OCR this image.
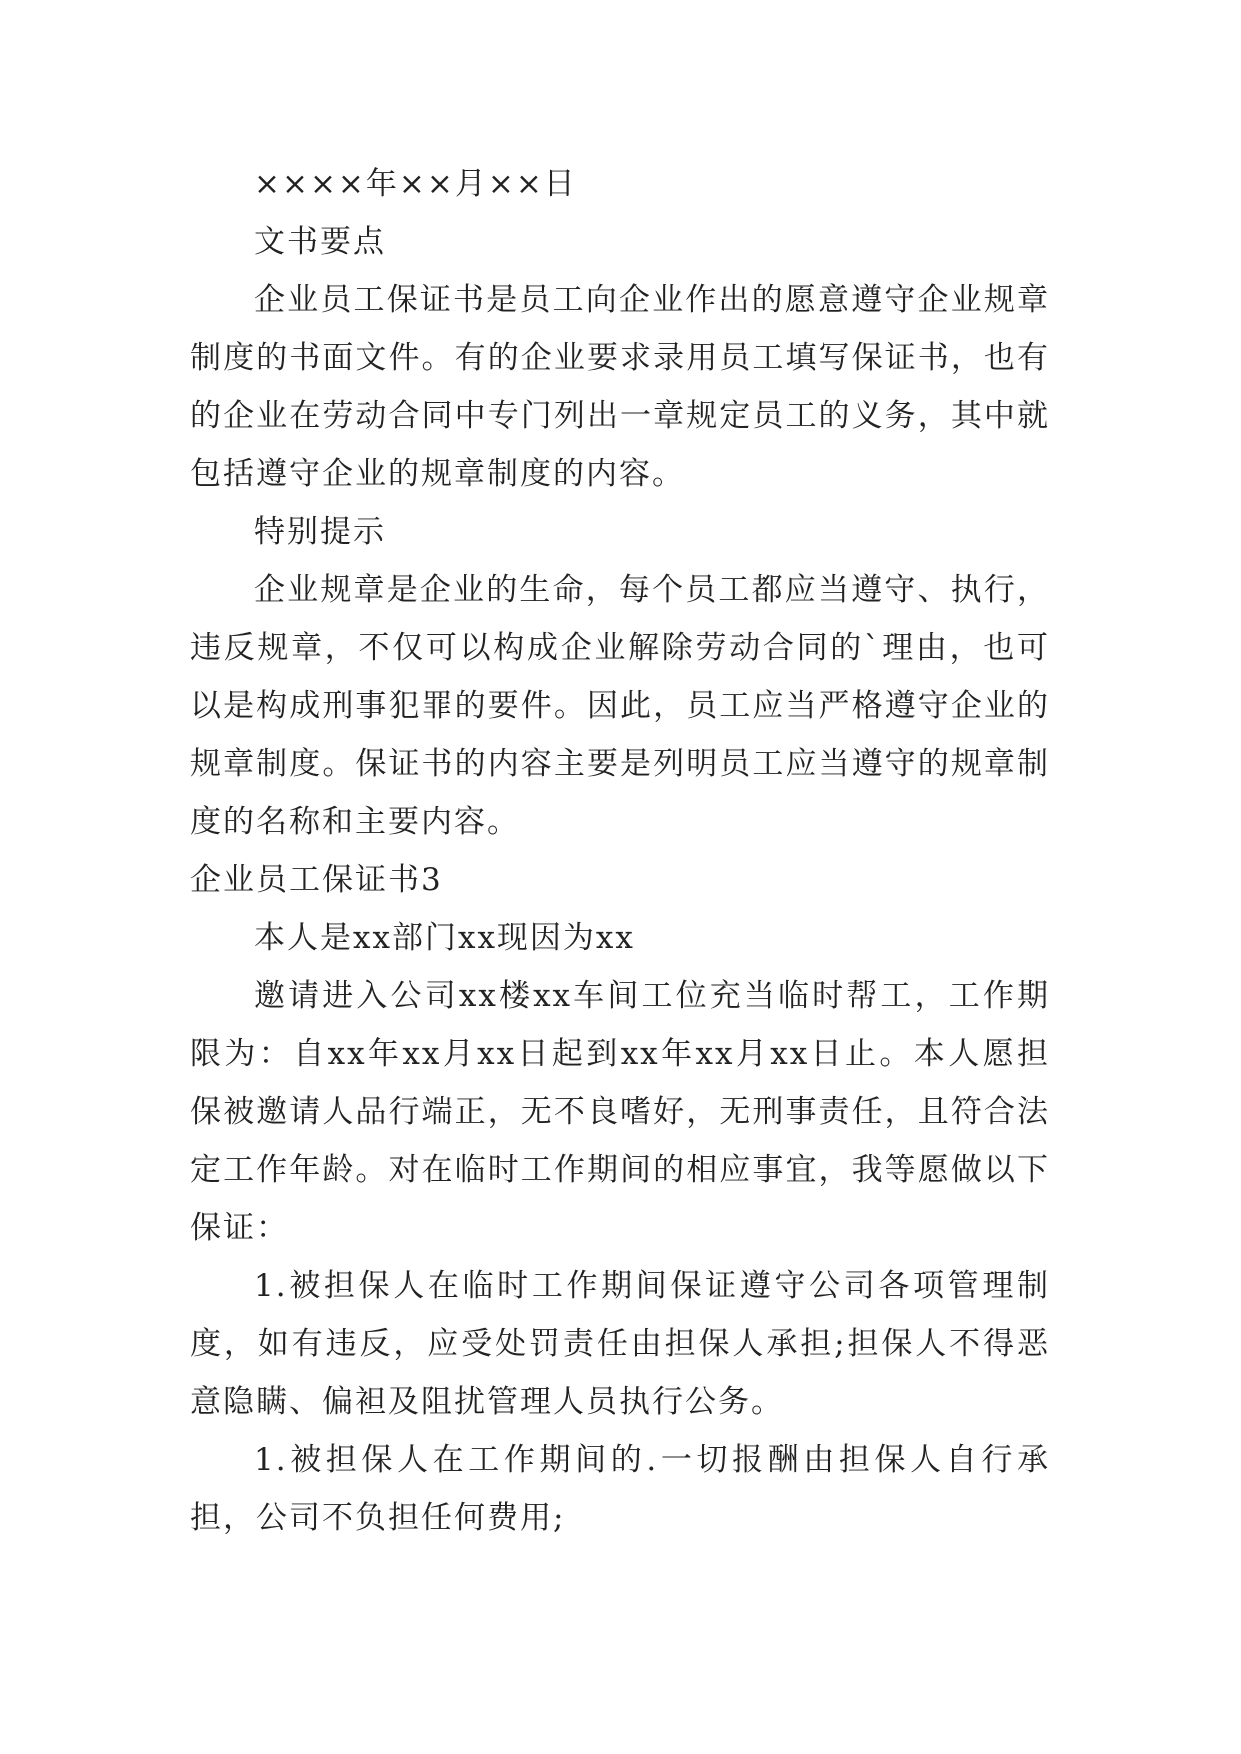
××××年××月××日

文书要点

企业员工保证书是员工向企业作出的愿意遵守企业规章制度的书面文件。有的企业要求录用员工填写保证书，也有的企业在劳动合同中专门列出一章规定员工的义务，其中就包括遵守企业的规章制度的内容。

特别提示

企业规章是企业的生命，每个员工都应当遵守、执行，违反规章，不仅可以构成企业解除劳动合同的`理由，也可以是构成刑事犯罪的要件。因此，员工应当严格遵守企业的规章制度。保证书的内容主要是列明员工应当遵守的规章制度的名称和主要内容。

企业员工保证书3

本人是xx部门xx现因为xx

邀请进入公司xx楼xx车间工位充当临时帮工，工作期限为：自xx年xx月xx日起到xx年xx月xx日止。本人愿担保被邀请人品行端正，无不良嗜好，无刑事责任，且符合法定工作年龄。对在临时工作期间的相应事宜，我等愿做以下保证：

1.被担保人在临时工作期间保证遵守公司各项管理制度，如有违反，应受处罚责任由担保人承担;担保人不得恶意隐瞒、偏袒及阻扰管理人员执行公务。

1.被担保人在工作期间的.一切报酬由担保人自行承担，公司不负担任何费用;
